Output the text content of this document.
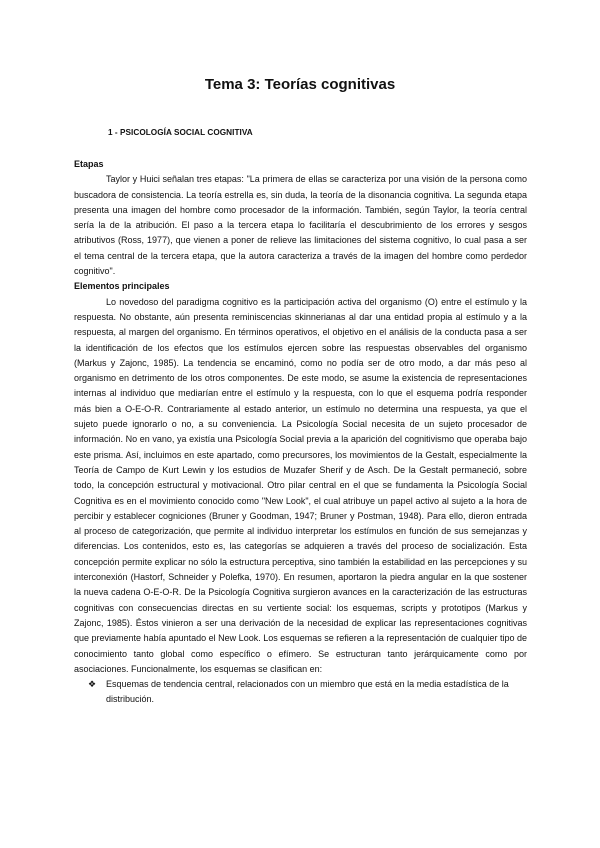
Tema 3: Teorías cognitivas
1 - PSICOLOGÍA SOCIAL COGNITIVA
Etapas

Taylor y Huici señalan tres etapas: "La primera de ellas se caracteriza por una visión de la persona como buscadora de consistencia. La teoría estrella es, sin duda, la teoría de la disonancia cognitiva. La segunda etapa presenta una imagen del hombre como procesador de la información. También, según Taylor, la teoría central sería la de la atribución. El paso a la tercera etapa lo facilitaría el descubrimiento de los errores y sesgos atributivos (Ross, 1977), que vienen a poner de relieve las limitaciones del sistema cognitivo, lo cual pasa a ser el tema central de la tercera etapa, que la autora caracteriza a través de la imagen del hombre como perdedor cognitivo".

Elementos principales

Lo novedoso del paradigma cognitivo es la participación activa del organismo (O) entre el estímulo y la respuesta. No obstante, aún presenta reminiscencias skinnerianas al dar una entidad propia al estímulo y a la respuesta, al margen del organismo. En términos operativos, el objetivo en el análisis de la conducta pasa a ser la identificación de los efectos que los estímulos ejercen sobre las respuestas observables del organismo (Markus y Zajonc, 1985). La tendencia se encaminó, como no podía ser de otro modo, a dar más peso al organismo en detrimento de los otros componentes. De este modo, se asume la existencia de representaciones internas al individuo que mediarían entre el estímulo y la respuesta, con lo que el esquema podría responder más bien a O-E-O-R. Contrariamente al estado anterior, un estímulo no determina una respuesta, ya que el sujeto puede ignorarlo o no, a su conveniencia. La Psicología Social necesita de un sujeto procesador de información. No en vano, ya existía una Psicología Social previa a la aparición del cognitivismo que operaba bajo este prisma. Así, incluimos en este apartado, como precursores, los movimientos de la Gestalt, especialmente la Teoría de Campo de Kurt Lewin y los estudios de Muzafer Sherif y de Asch. De la Gestalt permaneció, sobre todo, la concepción estructural y motivacional. Otro pilar central en el que se fundamenta la Psicología Social Cognitiva es en el movimiento conocido como "New Look", el cual atribuye un papel activo al sujeto a la hora de percibir y establecer cogniciones (Bruner y Goodman, 1947; Bruner y Postman, 1948). Para ello, dieron entrada al proceso de categorización, que permite al individuo interpretar los estímulos en función de sus semejanzas y diferencias. Los contenidos, esto es, las categorías se adquieren a través del proceso de socialización. Esta concepción permite explicar no sólo la estructura perceptiva, sino también la estabilidad en las percepciones y su interconexión (Hastorf, Schneider y Polefka, 1970). En resumen, aportaron la piedra angular en la que sostener la nueva cadena O-E-O-R. De la Psicología Cognitiva surgieron avances en la caracterización de las estructuras cognitivas con consecuencias directas en su vertiente social: los esquemas, scripts y prototipos (Markus y Zajonc, 1985). Éstos vinieron a ser una derivación de la necesidad de explicar las representaciones cognitivas que previamente había apuntado el New Look. Los esquemas se refieren a la representación de cualquier tipo de conocimiento tanto global como específico o efímero. Se estructuran tanto jerárquicamente como por asociaciones. Funcionalmente, los esquemas se clasifican en:

❖ Esquemas de tendencia central, relacionados con un miembro que está en la media estadística de la distribución.
